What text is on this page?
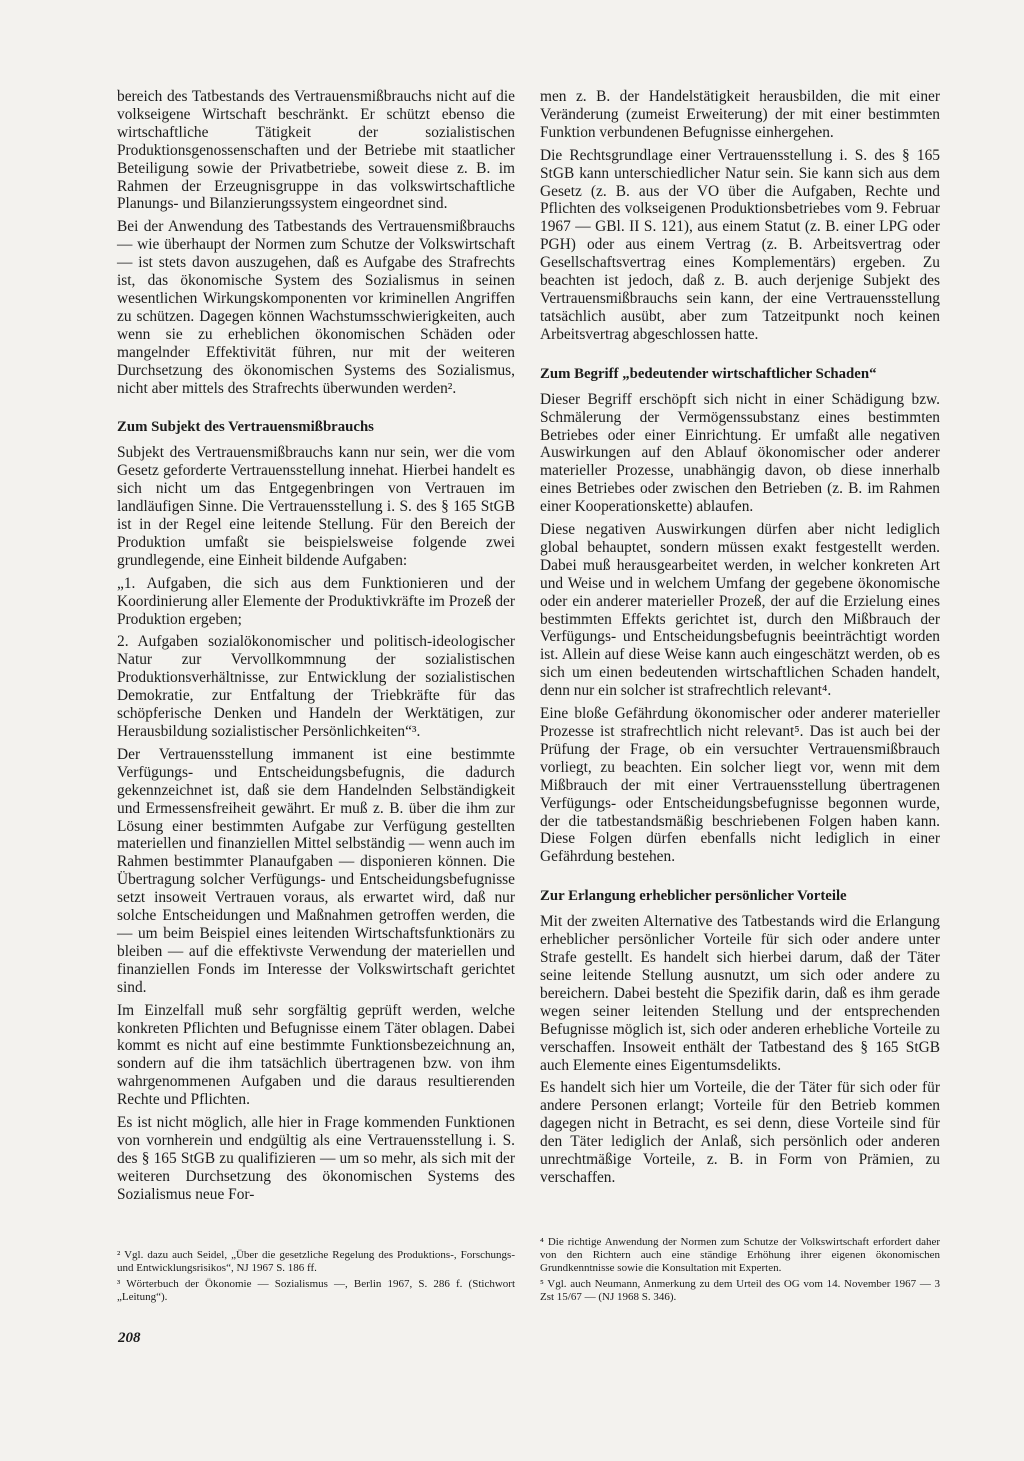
bereich des Tatbestands des Vertrauensmißbrauchs nicht auf die volkseigene Wirtschaft beschränkt. Er schützt ebenso die wirtschaftliche Tätigkeit der sozialistischen Produktionsgenossenschaften und der Betriebe mit staatlicher Beteiligung sowie der Privatbetriebe, soweit diese z. B. im Rahmen der Erzeugnisgruppe in das volkswirtschaftliche Planungs- und Bilanzierungssystem eingeordnet sind.

Bei der Anwendung des Tatbestands des Vertrauensmißbrauchs — wie überhaupt der Normen zum Schutze der Volkswirtschaft — ist stets davon auszugehen, daß es Aufgabe des Strafrechts ist, das ökonomische System des Sozialismus in seinen wesentlichen Wirkungskomponenten vor kriminellen Angriffen zu schützen. Dagegen können Wachstumsschwierigkeiten, auch wenn sie zu erheblichen ökonomischen Schäden oder mangelnder Effektivität führen, nur mit der weiteren Durchsetzung des ökonomischen Systems des Sozialismus, nicht aber mittels des Strafrechts überwunden werden².

Zum Subjekt des Vertrauensmißbrauchs

Subjekt des Vertrauensmißbrauchs kann nur sein, wer die vom Gesetz geforderte Vertrauensstellung innehat. Hierbei handelt es sich nicht um das Entgegenbringen von Vertrauen im landläufigen Sinne. Die Vertrauensstellung i. S. des § 165 StGB ist in der Regel eine leitende Stellung. Für den Bereich der Produktion umfaßt sie beispielsweise folgende zwei grundlegende, eine Einheit bildende Aufgaben:

„1. Aufgaben, die sich aus dem Funktionieren und der Koordinierung aller Elemente der Produktivkräfte im Prozeß der Produktion ergeben;

2. Aufgaben sozialökonomischer und politisch-ideologischer Natur zur Vervollkommnung der sozialistischen Produktionsverhältnisse, zur Entwicklung der sozialistischen Demokratie, zur Entfaltung der Triebkräfte für das schöpferische Denken und Handeln der Werktätigen, zur Herausbildung sozialistischer Persönlichkeiten“³.

Der Vertrauensstellung immanent ist eine bestimmte Verfügungs- und Entscheidungsbefugnis, die dadurch gekennzeichnet ist, daß sie dem Handelnden Selbständigkeit und Ermessensfreiheit gewährt. Er muß z. B. über die ihm zur Lösung einer bestimmten Aufgabe zur Verfügung gestellten materiellen und finanziellen Mittel selbständig — wenn auch im Rahmen bestimmter Planaufgaben — disponieren können. Die Übertragung solcher Verfügungs- und Entscheidungsbefugnisse setzt insoweit Vertrauen voraus, als erwartet wird, daß nur solche Entscheidungen und Maßnahmen getroffen werden, die — um beim Beispiel eines leitenden Wirtschaftsfunktionärs zu bleiben — auf die effektivste Verwendung der materiellen und finanziellen Fonds im Interesse der Volkswirtschaft gerichtet sind.

Im Einzelfall muß sehr sorgfältig geprüft werden, welche konkreten Pflichten und Befugnisse einem Täter oblagen. Dabei kommt es nicht auf eine bestimmte Funktionsbezeichnung an, sondern auf die ihm tatsächlich übertragenen bzw. von ihm wahrgenommenen Aufgaben und die daraus resultierenden Rechte und Pflichten.

Es ist nicht möglich, alle hier in Frage kommenden Funktionen von vornherein und endgültig als eine Vertrauensstellung i. S. des § 165 StGB zu qualifizieren — um so mehr, als sich mit der weiteren Durchsetzung des ökonomischen Systems des Sozialismus neue For-

men z. B. der Handelstätigkeit herausbilden, die mit einer Veränderung (zumeist Erweiterung) der mit einer bestimmten Funktion verbundenen Befugnisse einhergehen.

Die Rechtsgrundlage einer Vertrauensstellung i. S. des § 165 StGB kann unterschiedlicher Natur sein. Sie kann sich aus dem Gesetz (z. B. aus der VO über die Aufgaben, Rechte und Pflichten des volkseigenen Produktionsbetriebes vom 9. Februar 1967 — GBl. II S. 121), aus einem Statut (z. B. einer LPG oder PGH) oder aus einem Vertrag (z. B. Arbeitsvertrag oder Gesellschaftsvertrag eines Komplementärs) ergeben. Zu beachten ist jedoch, daß z. B. auch derjenige Subjekt des Vertrauensmißbrauchs sein kann, der eine Vertrauensstellung tatsächlich ausübt, aber zum Tatzeitpunkt noch keinen Arbeitsvertrag abgeschlossen hatte.

Zum Begriff „bedeutender wirtschaftlicher Schaden“

Dieser Begriff erschöpft sich nicht in einer Schädigung bzw. Schmälerung der Vermögenssubstanz eines bestimmten Betriebes oder einer Einrichtung. Er umfaßt alle negativen Auswirkungen auf den Ablauf ökonomischer oder anderer materieller Prozesse, unabhängig davon, ob diese innerhalb eines Betriebes oder zwischen den Betrieben (z. B. im Rahmen einer Kooperationskette) ablaufen.

Diese negativen Auswirkungen dürfen aber nicht lediglich global behauptet, sondern müssen exakt festgestellt werden. Dabei muß herausgearbeitet werden, in welcher konkreten Art und Weise und in welchem Umfang der gegebene ökonomische oder ein anderer materieller Prozeß, der auf die Erzielung eines bestimmten Effekts gerichtet ist, durch den Mißbrauch der Verfügungs- und Entscheidungsbefugnis beeinträchtigt worden ist. Allein auf diese Weise kann auch eingeschätzt werden, ob es sich um einen bedeutenden wirtschaftlichen Schaden handelt, denn nur ein solcher ist strafrechtlich relevant⁴.

Eine bloße Gefährdung ökonomischer oder anderer materieller Prozesse ist strafrechtlich nicht relevant⁵. Das ist auch bei der Prüfung der Frage, ob ein versuchter Vertrauensmißbrauch vorliegt, zu beachten. Ein solcher liegt vor, wenn mit dem Mißbrauch der mit einer Vertrauensstellung übertragenen Verfügungs- oder Entscheidungsbefugnisse begonnen wurde, der die tatbestandsmäßig beschriebenen Folgen haben kann. Diese Folgen dürfen ebenfalls nicht lediglich in einer Gefährdung bestehen.

Zur Erlangung erheblicher persönlicher Vorteile

Mit der zweiten Alternative des Tatbestands wird die Erlangung erheblicher persönlicher Vorteile für sich oder andere unter Strafe gestellt. Es handelt sich hierbei darum, daß der Täter seine leitende Stellung ausnutzt, um sich oder andere zu bereichern. Dabei besteht die Spezifik darin, daß es ihm gerade wegen seiner leitenden Stellung und der entsprechenden Befugnisse möglich ist, sich oder anderen erhebliche Vorteile zu verschaffen. Insoweit enthält der Tatbestand des § 165 StGB auch Elemente eines Eigentumsdelikts.

Es handelt sich hier um Vorteile, die der Täter für sich oder für andere Personen erlangt; Vorteile für den Betrieb kommen dagegen nicht in Betracht, es sei denn, diese Vorteile sind für den Täter lediglich der Anlaß, sich persönlich oder anderen unrechtmäßige Vorteile, z. B. in Form von Prämien, zu verschaffen.

² Vgl. dazu auch Seidel, „Über die gesetzliche Regelung des Produktions-, Forschungs- und Entwicklungsrisikos“, NJ 1967 S. 186 ff.

³ Wörterbuch der Ökonomie — Sozialismus —, Berlin 1967, S. 286 f. (Stichwort „Leitung“).

⁴ Die richtige Anwendung der Normen zum Schutze der Volkswirtschaft erfordert daher von den Richtern auch eine ständige Erhöhung ihrer eigenen ökonomischen Grundkenntnisse sowie die Konsultation mit Experten.

⁵ Vgl. auch Neumann, Anmerkung zu dem Urteil des OG vom 14. November 1967 — 3 Zst 15/67 — (NJ 1968 S. 346).

208
